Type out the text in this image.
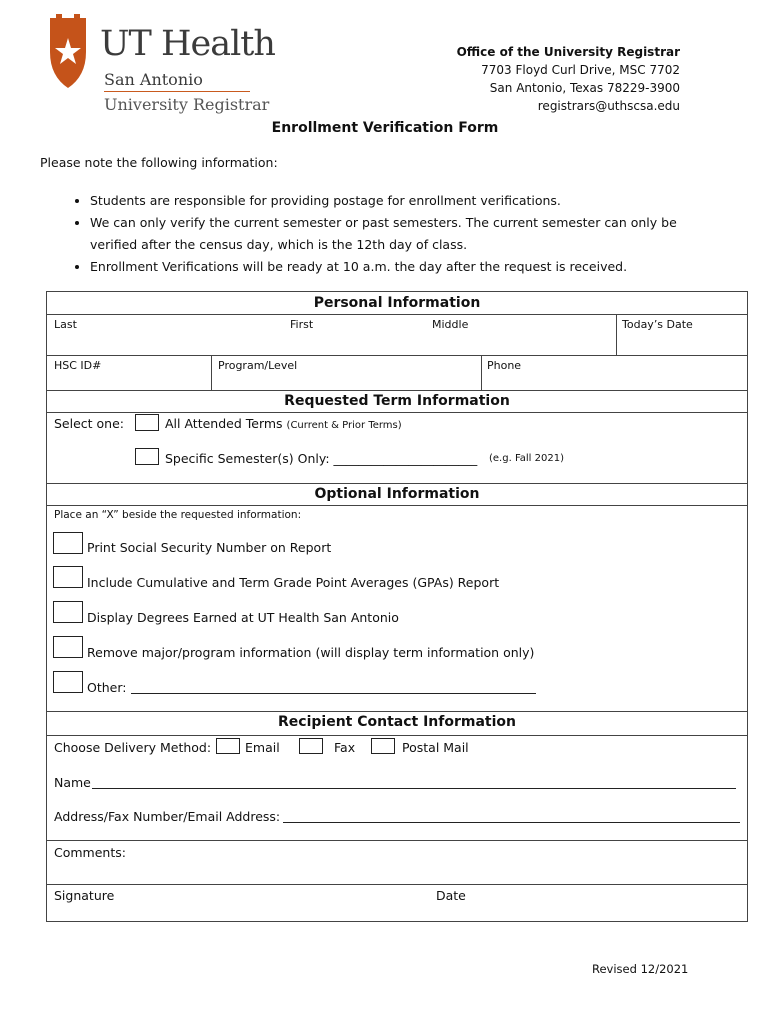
UT Health
San Antonio
University Registrar
Office of the University Registrar
7703 Floyd Curl Drive, MSC 7702
San Antonio, Texas 78229-3900
registrars@uthscsa.edu
Enrollment Verification Form
Please note the following information:
• Students are responsible for providing postage for enrollment verifications.
• We can only verify the current semester or past semesters. The current semester can only be verified after the census day, which is the 12th day of class.
• Enrollment Verifications will be ready at 10 a.m. the day after the request is received.
Personal Information
Last	First	Middle	Today’s Date
HSC ID#	Program/Level	Phone
Requested Term Information
Select one:	All Attended Terms (Current & Prior Terms)
Specific Semester(s) Only: _______________________ (e.g. Fall 2021)
Optional Information
Place an “X” beside the requested information:
Print Social Security Number on Report
Include Cumulative and Term Grade Point Averages (GPAs) Report
Display Degrees Earned at UT Health San Antonio
Remove major/program information (will display term information only)
Other:
Recipient Contact Information
Choose Delivery Method:	Email	Fax	Postal Mail
Name
Address/Fax Number/Email Address:
Comments:
Signature	Date
Revised 12/2021
